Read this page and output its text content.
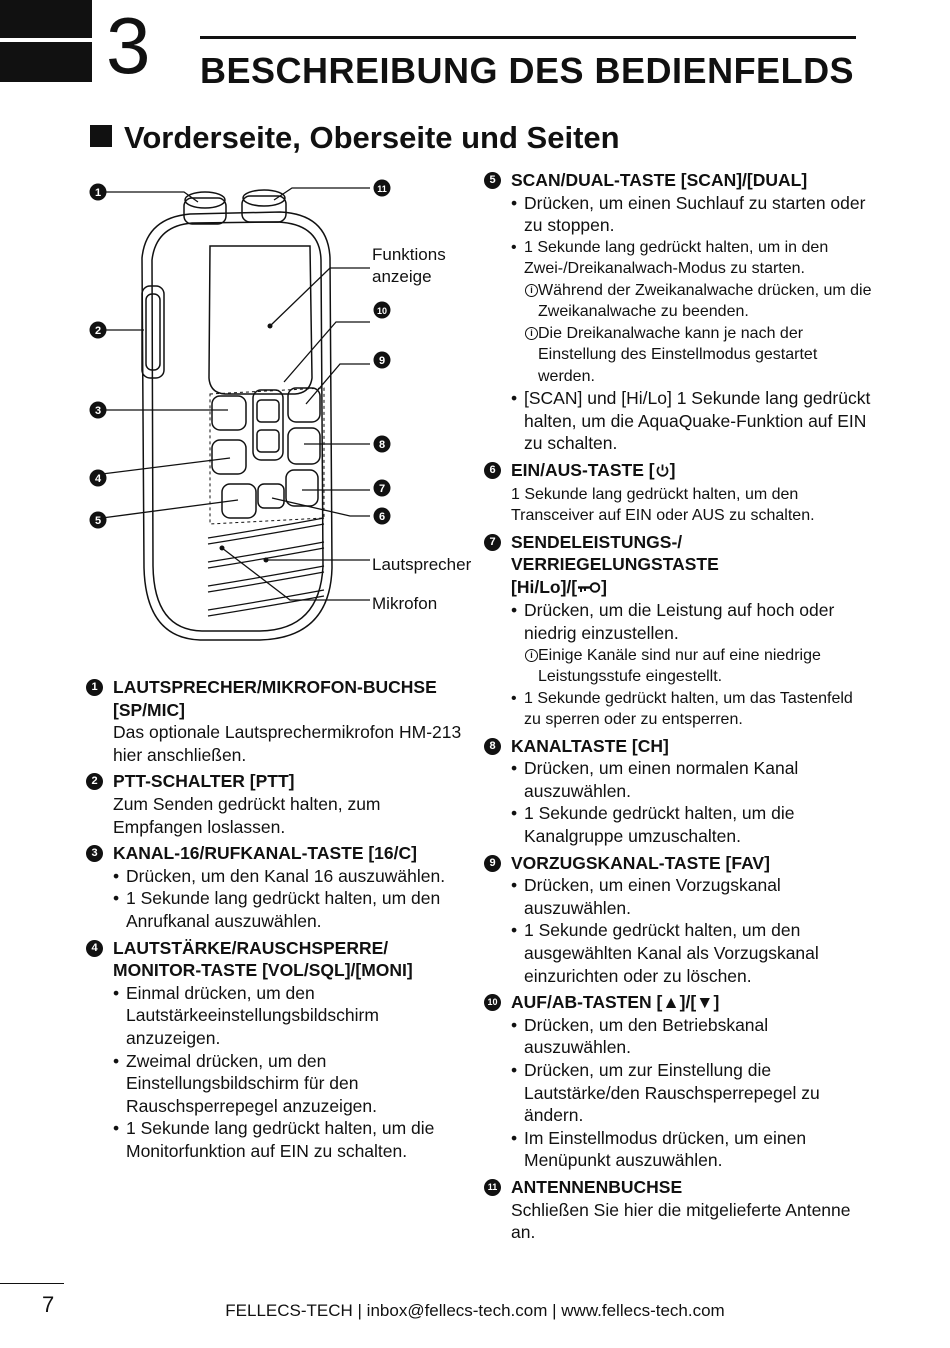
3 BESCHREIBUNG DES BEDIENFELDS
Vorderseite, Oberseite und Seiten
1
2
3
4
5	6
7
8
9
10
11
Funktions
anzeige
Lautsprecher
Mikrofon
1 LAUTSPRECHER/MIKROFON-BUCHSE [SP/MIC]
Das optionale Lautsprechermikrofon HM-213 hier anschließen.
2 PTT-SCHALTER [PTT]
Zum Senden gedrückt halten, zum Empfangen loslassen.
3 KANAL-16/RUFKANAL-TASTE [16/C]
• Drücken, um den Kanal 16 auszuwählen.
• 1 Sekunde lang gedrückt halten, um den Anrufkanal auszuwählen.
4 LAUTSTÄRKE/RAUSCHSPERRE/ MONITOR-TASTE [VOL/SQL]/[MONI]
• Einmal drücken, um den Lautstärkeeinstellungsbildschirm anzuzeigen.
• Zweimal drücken, um den Einstellungsbildschirm für den Rauschsperrepegel anzuzeigen.
• 1 Sekunde lang gedrückt halten, um die Monitorfunktion auf EIN zu schalten.
5 SCAN/DUAL-TASTE [SCAN]/[DUAL]
• Drücken, um einen Suchlauf zu starten oder zu stoppen.
• 1 Sekunde lang gedrückt halten, um in den Zwei-/Dreikanalwach-Modus zu starten.
i Während der Zweikanalwache drücken, um die Zweikanalwache zu beenden.
i Die Dreikanalwache kann je nach der Einstellung des Einstellmodus gestartet werden.
• [SCAN] und [Hi/Lo] 1 Sekunde lang gedrückt halten, um die AquaQuake-Funktion auf EIN zu schalten.
6 EIN/AUS-TASTE [ ]
1 Sekunde lang gedrückt halten, um den Transceiver auf EIN oder AUS zu schalten.
7 SENDELEISTUNGS-/
VERRIEGELUNGSTASTE
[Hi/Lo]/[ ]
• Drücken, um die Leistung auf hoch oder niedrig einzustellen.
i Einige Kanäle sind nur auf eine niedrige Leistungsstufe eingestellt.
• 1 Sekunde gedrückt halten, um das Tastenfeld zu sperren oder zu entsperren.
8 KANALTASTE [CH]
• Drücken, um einen normalen Kanal auszuwählen.
• 1 Sekunde gedrückt halten, um die Kanalgruppe umzuschalten.
9 VORZUGSKANAL-TASTE [FAV]
• Drücken, um einen Vorzugskanal auszuwählen.
• 1 Sekunde gedrückt halten, um den ausgewählten Kanal als Vorzugskanal einzurichten oder zu löschen.
10 AUF/AB-TASTEN [▲]/[▼]
• Drücken, um den Betriebskanal auszuwählen.
• Drücken, um zur Einstellung die Lautstärke/den Rauschsperrepegel zu ändern.
• Im Einstellmodus drücken, um einen Menüpunkt auszuwählen.
11 ANTENNENBUCHSE
Schließen Sie hier die mitgelieferte Antenne an.
7	FELLECS-TECH | inbox@fellecs-tech.com | www.fellecs-tech.com
